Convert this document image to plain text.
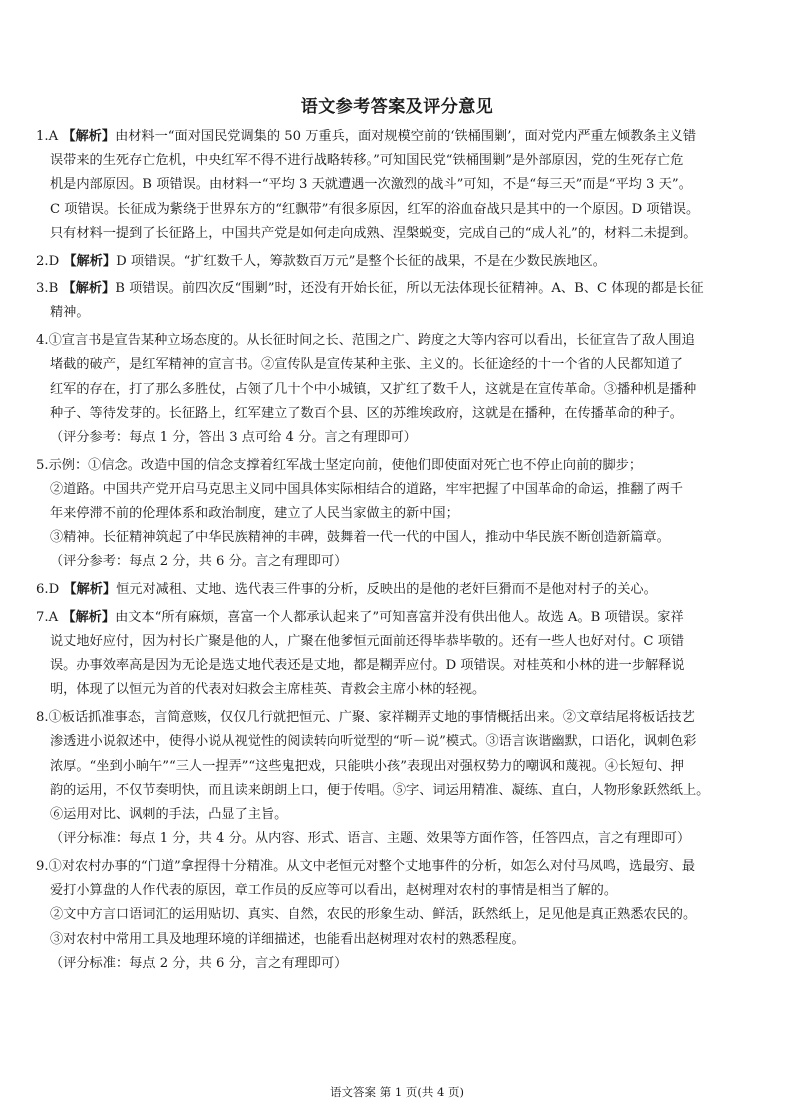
语文参考答案及评分意见
1.A 【解析】由材料一“面对国民党调集的 50 万重兵，面对规模空前的‘铁桶围剿’，面对党内严重左倾教条主义错
误带来的生死存亡危机，中央红军不得不进行战略转移。”可知国民党“铁桶围剿”是外部原因，党的生死存亡危
机是内部原因。B 项错误。由材料一“平均 3 天就遭遇一次激烈的战斗”可知，不是“每三天”而是“平均 3 天”。
C 项错误。长征成为紫绕于世界东方的“红飘带”有很多原因，红军的浴血奋战只是其中的一个原因。D 项错误。
只有材料一提到了长征路上，中国共产党是如何走向成熟、涅槃蜕变，完成自己的“成人礼”的，材料二未提到。
2.D 【解析】D 项错误。“扩红数千人，筹款数百万元”是整个长征的战果，不是在少数民族地区。
3.B 【解析】B 项错误。前四次反“围剿”时，还没有开始长征，所以无法体现长征精神。A、B、C 体现的都是长征
精神。
4.①宣言书是宣告某种立场态度的。从长征时间之长、范围之广、跨度之大等内容可以看出，长征宣告了敌人围追
堵截的破产，是红军精神的宣言书。②宣传队是宣传某种主张、主义的。长征途经的十一个省的人民都知道了
红军的存在，打了那么多胜仗，占领了几十个中小城镇，又扩红了数千人，这就是在宣传革命。③播种机是播种
种子、等待发芽的。长征路上，红军建立了数百个县、区的苏维埃政府，这就是在播种，在传播革命的种子。
（评分参考：每点 1 分，答出 3 点可给 4 分。言之有理即可）
5.示例：①信念。改造中国的信念支撑着红军战士坚定向前，使他们即使面对死亡也不停止向前的脚步；
②道路。中国共产党开启马克思主义同中国具体实际相结合的道路，牢牢把握了中国革命的命运，推翻了两千
年来停滞不前的伦理体系和政治制度，建立了人民当家做主的新中国；
③精神。长征精神筑起了中华民族精神的丰碑，鼓舞着一代一代的中国人，推动中华民族不断创造新篇章。
（评分参考：每点 2 分，共 6 分。言之有理即可）
6.D 【解析】恒元对减租、丈地、选代表三件事的分析，反映出的是他的老奸巨猾而不是他对村子的关心。
7.A 【解析】由文本“所有麻烦，喜富一个人都承认起来了”可知喜富并没有供出他人。故选 A。B 项错误。家祥
说丈地好应付，因为村长广聚是他的人，广聚在他爹恒元面前还得毕恭毕敬的。还有一些人也好对付。C 项错
误。办事效率高是因为无论是选丈地代表还是丈地，都是糊弄应付。D 项错误。对桂英和小林的进一步解释说
明，体现了以恒元为首的代表对妇救会主席桂英、青救会主席小林的轻视。
8.①板话抓准事态，言简意赅，仅仅几行就把恒元、广聚、家祥糊弄丈地的事情概括出来。②文章结尾将板话技艺
渗透进小说叙述中，使得小说从视觉性的阅读转向听觉型的“听－说”模式。③语言诙谐幽默，口语化，讽刺色彩
浓厚。“坐到小晌午”“三人一捏弄”“这些鬼把戏，只能哄小孩”表现出对强权势力的嘲讽和蔑视。④长短句、押
韵的运用，不仅节奏明快，而且读来朗朗上口，便于传唱。⑤字、词运用精准、凝练、直白，人物形象跃然纸上。
⑥运用对比、讽刺的手法，凸显了主旨。
（评分标准：每点 1 分，共 4 分。从内容、形式、语言、主题、效果等方面作答，任答四点，言之有理即可）
9.①对农村办事的“门道”拿捏得十分精准。从文中老恒元对整个丈地事件的分析，如怎么对付马凤鸣，选最穷、最
爱打小算盘的人作代表的原因，章工作员的反应等可以看出，赵树理对农村的事情是相当了解的。
②文中方言口语词汇的运用贴切、真实、自然，农民的形象生动、鲜活，跃然纸上，足见他是真正熟悉农民的。
③对农村中常用工具及地理环境的详细描述，也能看出赵树理对农村的熟悉程度。
（评分标准：每点 2 分，共 6 分，言之有理即可）
语文答案 第 1 页(共 4 页)
